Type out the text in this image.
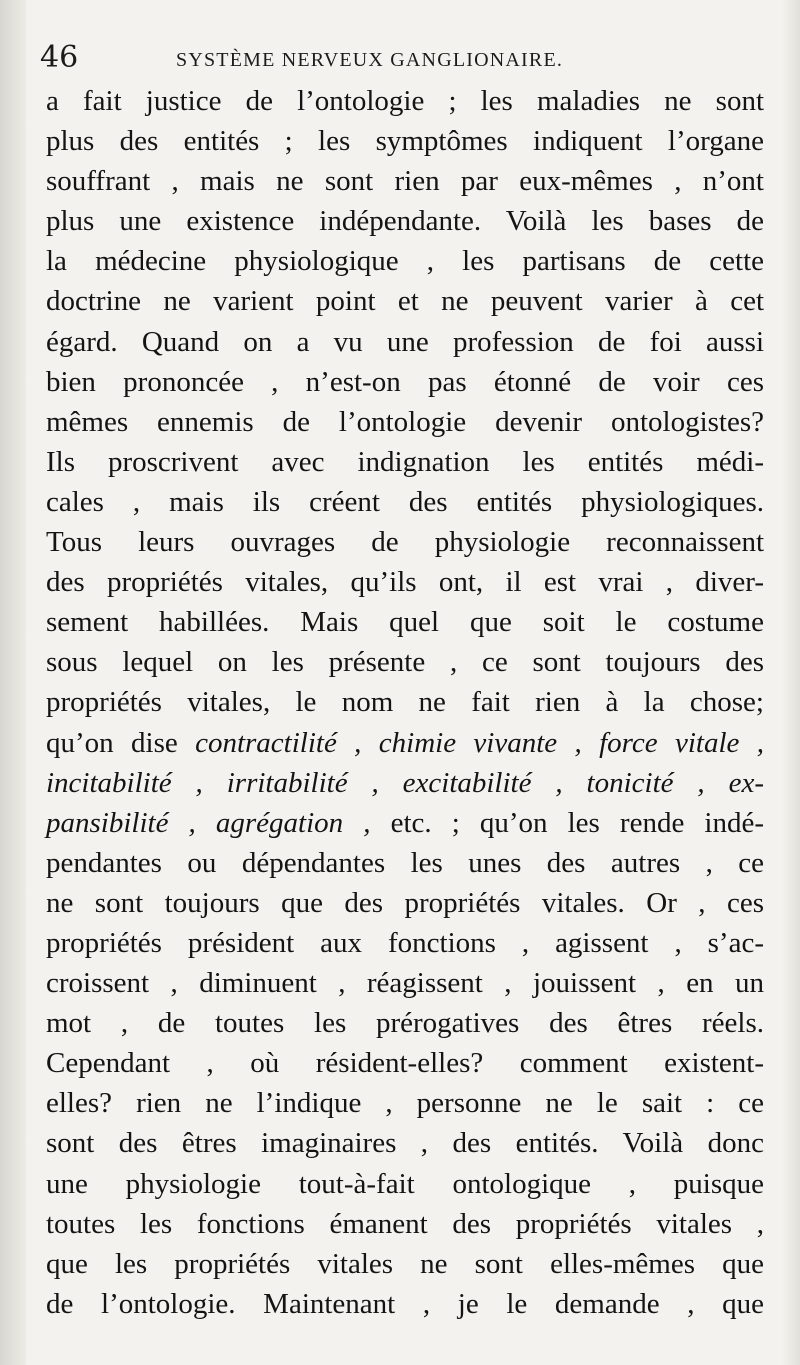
46	SYSTÈME NERVEUX GANGLIONAIRE.
a fait justice de l’ontologie ; les maladies ne sont
plus des entités ; les symptômes indiquent l’organe
souffrant , mais ne sont rien par eux-mêmes , n’ont
plus une existence indépendante. Voilà les bases de
la médecine physiologique , les partisans de cette
doctrine ne varient point et ne peuvent varier à cet
égard. Quand on a vu une profession de foi aussi
bien prononcée , n’est-on pas étonné de voir ces
mêmes ennemis de l’ontologie devenir ontologistes?
Ils proscrivent avec indignation les entités médi-
cales , mais ils créent des entités physiologiques.
Tous leurs ouvrages de physiologie reconnaissent
des propriétés vitales, qu’ils ont, il est vrai , diver-
sement habillées. Mais quel que soit le costume
sous lequel on les présente , ce sont toujours des
propriétés vitales, le nom ne fait rien à la chose;
qu’on dise contractilité , chimie vivante , force vitale ,
incitabilité , irritabilité , excitabilité , tonicité , ex-
pansibilité , agrégation , etc. ; qu’on les rende indé-
pendantes ou dépendantes les unes des autres , ce
ne sont toujours que des propriétés vitales. Or , ces
propriétés président aux fonctions , agissent , s’ac-
croissent , diminuent , réagissent , jouissent , en un
mot , de toutes les prérogatives des êtres réels.
Cependant , où résident-elles? comment existent-
elles? rien ne l’indique , personne ne le sait : ce
sont des êtres imaginaires , des entités. Voilà donc
une physiologie tout-à-fait ontologique , puisque
toutes les fonctions émanent des propriétés vitales ,
que les propriétés vitales ne sont elles-mêmes que
de l’ontologie. Maintenant , je le demande , que
